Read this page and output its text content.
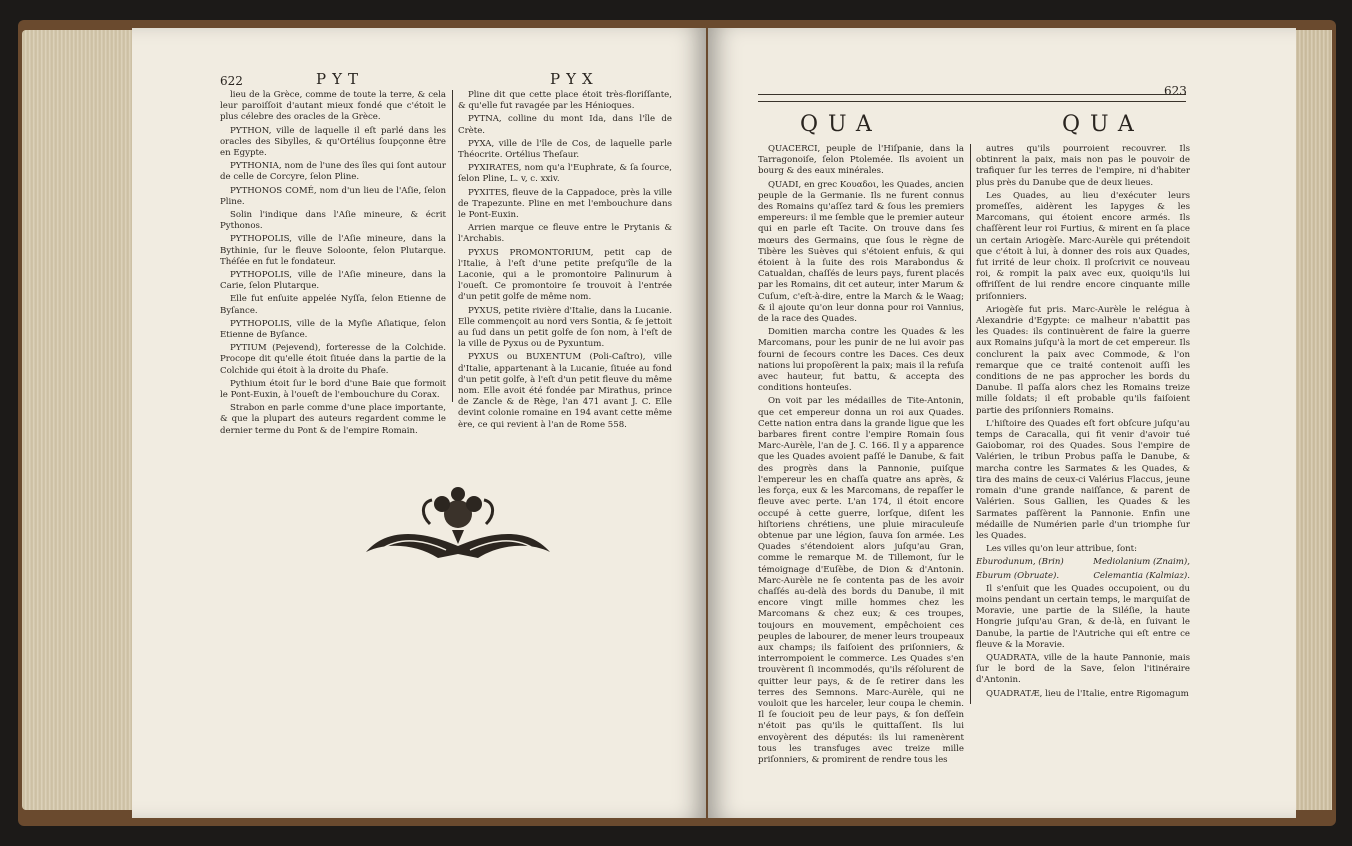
622	PYT	PYX

lieu de la Grèce, comme de toute la terre, & cela leur paroiſſoit d'autant mieux fondé que c'étoit le plus célebre des oracles de la Grèce.

PYTHON, ville de laquelle il eſt parlé dans les oracles des Sibylles, & qu'Ortélius ſoupçonne être en Egypte.

PYTHONIA, nom de l'une des îles qui ſont autour de celle de Corcyre, ſelon Pline.

PYTHONOS COMÉ, nom d'un lieu de l'Aſie, ſelon Pline.

Solin l'indique dans l'Aſie mineure, & écrit Pythonos.

PYTHOPOLIS, ville de l'Aſie mineure, dans la Bythinie, ſur le fleuve Soloonte, ſelon Plutarque. Théſée en fut le fondateur.

PYTHOPOLIS, ville de l'Aſie mineure, dans la Carie, ſelon Plutarque.

Elle fut enſuite appelée Nyſſa, ſelon Etienne de Byſance.

PYTHOPOLIS, ville de la Myſie Aſiatique, ſelon Etienne de Byſance.

PYTIUM (Pejevend), forteresse de la Colchide. Procope dit qu'elle étoit ſituée dans la partie de la Colchide qui étoit à la droite du Phaſe.

Pythium étoit ſur le bord d'une Baie que formoit le Pont-Euxin, à l'oueſt de l'embouchure du Corax.

Strabon en parle comme d'une place importante, & que la plupart des auteurs regardent comme le dernier terme du Pont & de l'empire Romain.

Pline dit que cette place étoit très-floriſſante, & qu'elle fut ravagée par les Hénioques.

PYTNA, colline du mont Ida, dans l'île de Crète.

PYXA, ville de l'île de Cos, de laquelle parle Théocrite. Ortélius Theſaur.

PYXIRATES, nom qu'a l'Euphrate, & ſa ſource, ſelon Pline, L. v, c. xxiv.

PYXITES, fleuve de la Cappadoce, près la ville de Trapezunte. Pline en met l'embouchure dans le Pont-Euxin.

Arrien marque ce fleuve entre le Prytanis & l'Archabis.

PYXUS PROMONTORIUM, petit cap de l'Italie, à l'eſt d'une petite preſqu'île de la Laconie, qui a le promontoire Palinurum à l'oueſt. Ce promontoire ſe trouvoit à l'entrée d'un petit golfe de même nom.

PYXUS, petite rivière d'Italie, dans la Lucanie. Elle commençoit au nord vers Sontia, & ſe jettoit au ſud dans un petit golfe de ſon nom, à l'eſt de la ville de Pyxus ou de Pyxuntum.

PYXUS ou BUXENTUM (Poli-Caſtro), ville d'Italie, appartenant à la Lucanie, ſituée au fond d'un petit golfe, à l'eſt d'un petit fleuve du même nom. Elle avoit été fondée par Mirathus, prince de Zancle & de Rège, l'an 471 avant J. C. Elle devint colonie romaine en 194 avant cette même ère, ce qui revient à l'an de Rome 558.

623
QUA	QUA

QUACERCI, peuple de l'Hiſpanie, dans la Tarragonoiſe, ſelon Ptolemée. Ils avoient un bourg & des eaux minérales.

QUADI, en grec Κουαδοι, les Quades, ancien peuple de la Germanie. Ils ne furent connus des Romains qu'aſſez tard & ſous les premiers empereurs: il me ſemble que le premier auteur qui en parle eſt Tacite. On trouve dans ſes mœurs des Germains, que ſous le règne de Tibère les Suèves qui s'étoient enfuis, & qui étoient à la ſuite des rois Marabondus & Catualdan, chaſſés de leurs pays, furent placés par les Romains, dit cet auteur, inter Marum & Cuſum, c'eſt-à-dire, entre la March & le Waag; & il ajoute qu'on leur donna pour roi Vannius, de la race des Quades.

Domitien marcha contre les Quades & les Marcomans, pour les punir de ne lui avoir pas fourni de ſecours contre les Daces. Ces deux nations lui propoſèrent la paix; mais il la refuſa avec hauteur, fut battu, & accepta des conditions honteuſes.

On voit par les médailles de Tite-Antonin, que cet empereur donna un roi aux Quades. Cette nation entra dans la grande ligue que les barbares firent contre l'empire Romain ſous Marc-Aurèle, l'an de J. C. 166. Il y a apparence que les Quades avoient paſſé le Danube, & fait des progrès dans la Pannonie, puiſque l'empereur les en chaſſa quatre ans après, & les força, eux & les Marcomans, de repaſſer le fleuve avec perte. L'an 174, il étoit encore occupé à cette guerre, lorſque, diſent les hiſtoriens chrétiens, une pluie miraculeuſe obtenue par une légion, ſauva ſon armée. Les Quades s'étendoient alors juſqu'au Gran, comme le remarque M. de Tillemont, ſur le témoignage d'Euſèbe, de Dion & d'Antonin. Marc-Aurèle ne ſe contenta pas de les avoir chaſſés au-delà des bords du Danube, il mit encore vingt mille hommes chez les Marcomans & chez eux; & ces troupes, toujours en mouvement, empêchoient ces peuples de labourer, de mener leurs troupeaux aux champs; ils faiſoient des priſonniers, & interrompoient le commerce. Les Quades s'en trouvèrent ſi incommodés, qu'ils réſolurent de quitter leur pays, & de ſe retirer dans les terres des Semnons. Marc-Aurèle, qui ne vouloit que les harceler, leur coupa le chemin. Il ſe ſoucioit peu de leur pays, & ſon deſſein n'étoit pas qu'ils le quittaſſent. Ils lui envoyèrent des députés: ils lui ramenèrent tous les transfuges avec treize mille priſonniers, & promirent de rendre tous les

autres qu'ils pourroient recouvrer. Ils obtinrent la paix, mais non pas le pouvoir de trafiquer ſur les terres de l'empire, ni d'habiter plus près du Danube que de deux lieues.

Les Quades, au lieu d'exécuter leurs promeſſes, aidèrent les Iapyges & les Marcomans, qui étoient encore armés. Ils chaſſèrent leur roi Furtius, & mirent en ſa place un certain Ariogèſe. Marc-Aurèle qui prétendoit que c'étoit à lui, à donner des rois aux Quades, fut irrité de leur choix. Il proſcrivit ce nouveau roi, & rompit la paix avec eux, quoiqu'ils lui offriſſent de lui rendre encore cinquante mille priſonniers.

Ariogèſe fut pris. Marc-Aurèle le relégua à Alexandrie d'Egypte: ce malheur n'abattit pas les Quades: ils continuèrent de faire la guerre aux Romains juſqu'à la mort de cet empereur. Ils conclurent la paix avec Commode, & l'on remarque que ce traité contenoit auſſi les conditions de ne pas approcher les bords du Danube. Il paſſa alors chez les Romains treize mille ſoldats; il eſt probable qu'ils faiſoient partie des priſonniers Romains.

L'hiſtoire des Quades eſt fort obſcure juſqu'au temps de Caracalla, qui fit venir d'avoir tué Gaiobomar, roi des Quades. Sous l'empire de Valérien, le tribun Probus paſſa le Danube, & marcha contre les Sarmates & les Quades, & tira des mains de ceux-ci Valérius Flaccus, jeune romain d'une grande naiſſance, & parent de Valérien. Sous Gallien, les Quades & les Sarmates paſſèrent la Pannonie. Enfin une médaille de Numérien parle d'un triomphe ſur les Quades.

Les villes qu'on leur attribue, ſont:

Eburodunum, (Brin)	Mediolanium (Znaim),
Eburum (Obruate).	Celemantia (Kalmiaz).

Il s'enſuit que les Quades occupoient, ou du moins pendant un certain temps, le marquiſat de Moravie, une partie de la Siléſie, la haute Hongrie juſqu'au Gran, & de-là, en ſuivant le Danube, la partie de l'Autriche qui eſt entre ce fleuve & la Moravie.

QUADRATA, ville de la haute Pannonie, mais ſur le bord de la Save, ſelon l'itinéraire d'Antonin.

QUADRATÆ, lieu de l'Italie, entre Rigomagum
